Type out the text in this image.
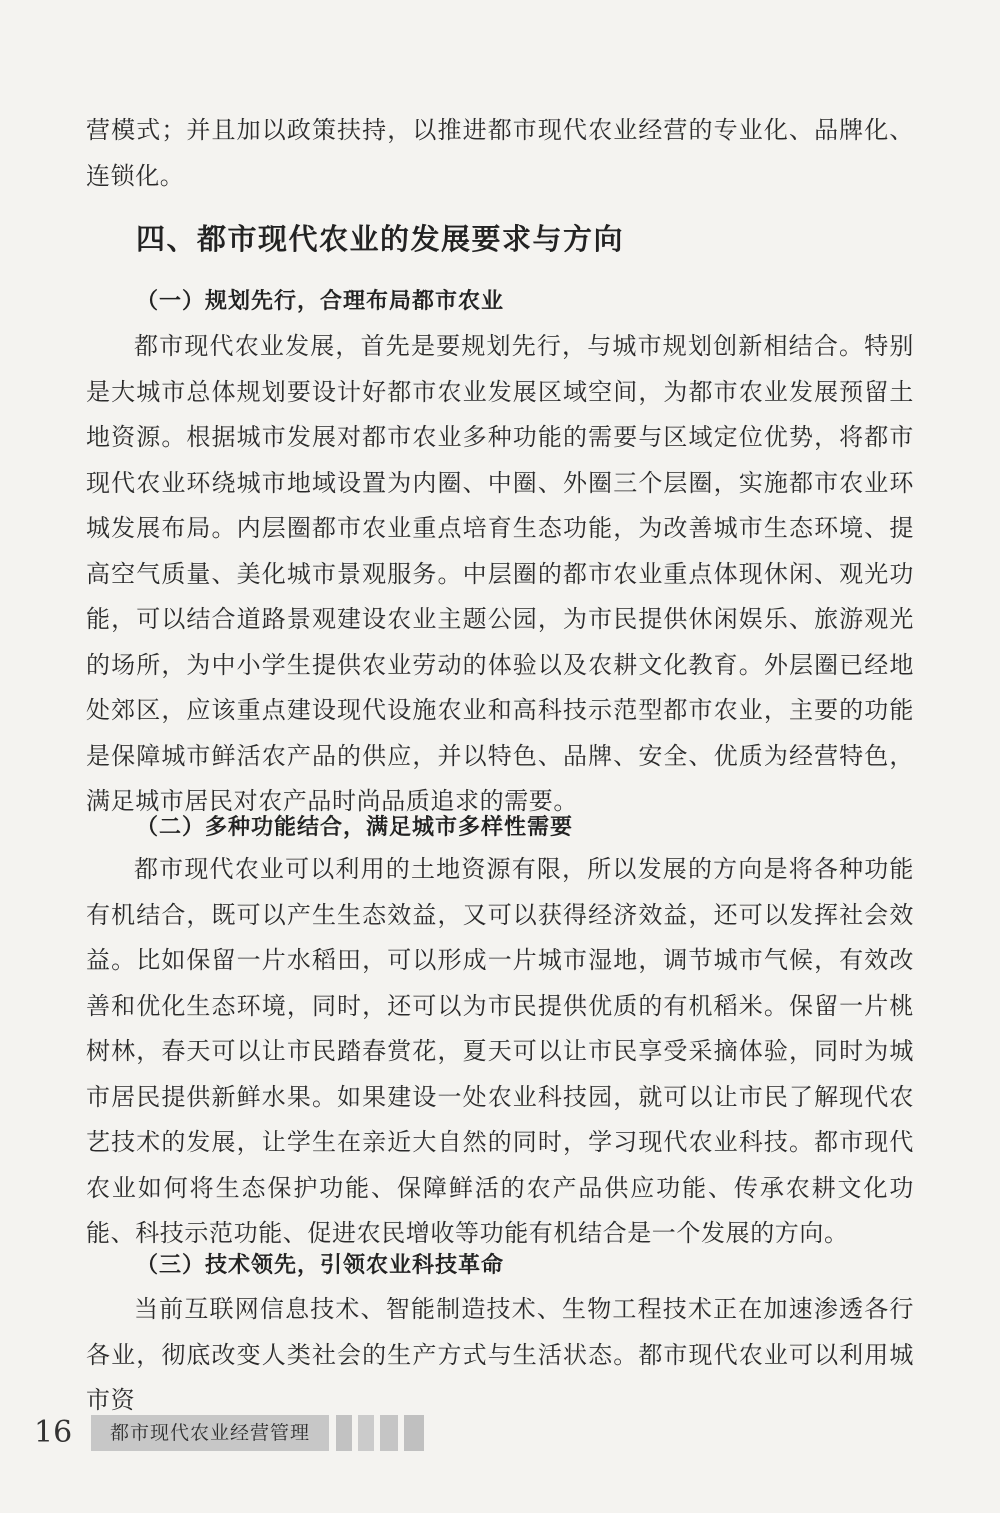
营模式；并且加以政策扶持，以推进都市现代农业经营的专业化、品牌化、连锁化。

四、都市现代农业的发展要求与方向
（一）规划先行，合理布局都市农业

都市现代农业发展，首先是要规划先行，与城市规划创新相结合。特别是大城市总体规划要设计好都市农业发展区域空间，为都市农业发展预留土地资源。根据城市发展对都市农业多种功能的需要与区域定位优势，将都市现代农业环绕城市地域设置为内圈、中圈、外圈三个层圈，实施都市农业环城发展布局。内层圈都市农业重点培育生态功能，为改善城市生态环境、提高空气质量、美化城市景观服务。中层圈的都市农业重点体现休闲、观光功能，可以结合道路景观建设农业主题公园，为市民提供休闲娱乐、旅游观光的场所，为中小学生提供农业劳动的体验以及农耕文化教育。外层圈已经地处郊区，应该重点建设现代设施农业和高科技示范型都市农业，主要的功能是保障城市鲜活农产品的供应，并以特色、品牌、安全、优质为经营特色，满足城市居民对农产品时尚品质追求的需要。

（二）多种功能结合，满足城市多样性需要

都市现代农业可以利用的土地资源有限，所以发展的方向是将各种功能有机结合，既可以产生生态效益，又可以获得经济效益，还可以发挥社会效益。比如保留一片水稻田，可以形成一片城市湿地，调节城市气候，有效改善和优化生态环境，同时，还可以为市民提供优质的有机稻米。保留一片桃树林，春天可以让市民踏春赏花，夏天可以让市民享受采摘体验，同时为城市居民提供新鲜水果。如果建设一处农业科技园，就可以让市民了解现代农艺技术的发展，让学生在亲近大自然的同时，学习现代农业科技。都市现代农业如何将生态保护功能、保障鲜活的农产品供应功能、传承农耕文化功能、科技示范功能、促进农民增收等功能有机结合是一个发展的方向。

（三）技术领先，引领农业科技革命

当前互联网信息技术、智能制造技术、生物工程技术正在加速渗透各行各业，彻底改变人类社会的生产方式与生活状态。都市现代农业可以利用城市资

16	都市现代农业经营管理
